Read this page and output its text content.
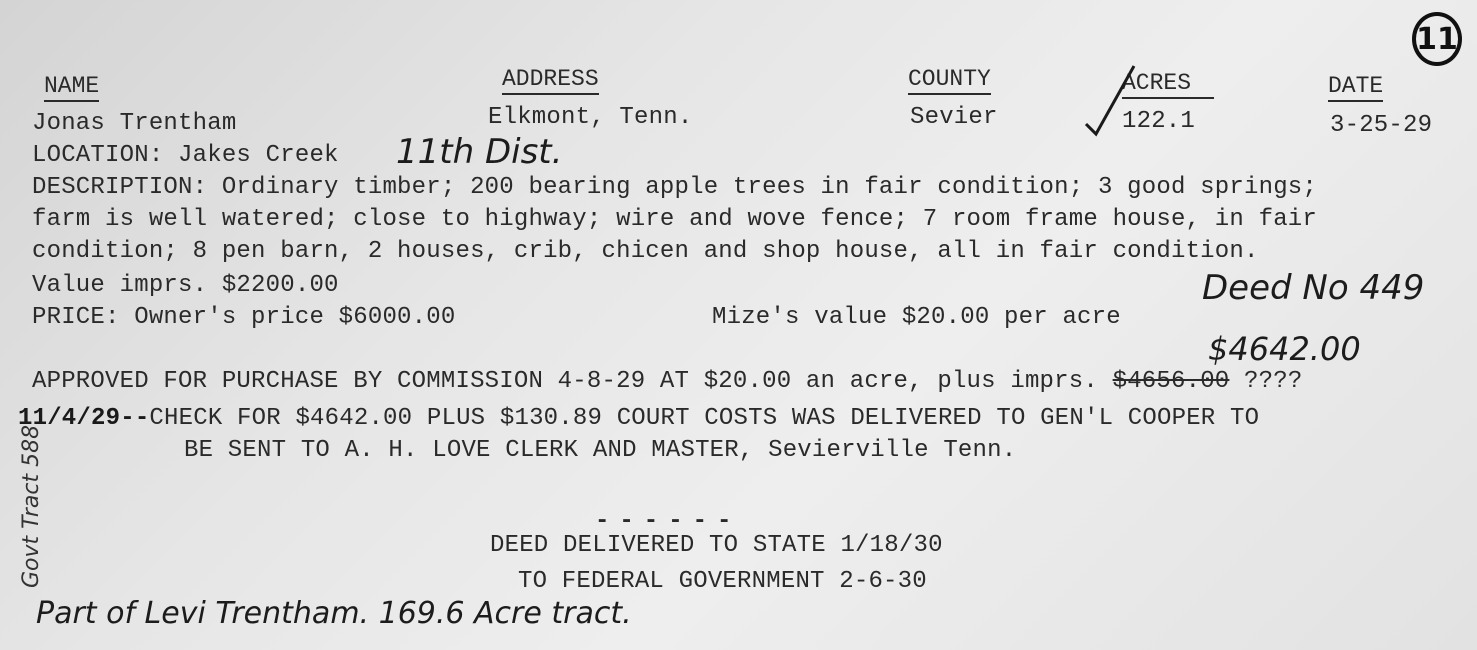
11
NAME	ADDRESS	COUNTY	ACRES	DATE
Jonas Trentham	Elkmont, Tenn.	Sevier	122.1	3-25-29
LOCATION: Jakes Creek 11th Dist.
DESCRIPTION: Ordinary timber; 200 bearing apple trees in fair condition; 3 good springs;
farm is well watered; close to highway; wire and wove fence; 7 room frame house, in fair
condition; 8 pen barn, 2 houses, crib, chicen and shop house, all in fair condition.
Value imprs. $2200.00
PRICE: Owner's price $6000.00	Mize's value $20.00 per acre
Deed No 449
$4642.00
APPROVED FOR PURCHASE BY COMMISSION 4-8-29 AT $20.00 an acre, plus imprs. $4656.00 ????
11/4/29--CHECK FOR $4642.00 PLUS $130.89 COURT COSTS WAS DELIVERED TO GEN'L COOPER TO
BE SENT TO A. H. LOVE CLERK AND MASTER, Sevierville Tenn.
------
DEED DELIVERED TO STATE 1/18/30
TO FEDERAL GOVERNMENT 2-6-30
Govt Tract 588
Part of Levi Trentham. 169.6 Acre tract.
